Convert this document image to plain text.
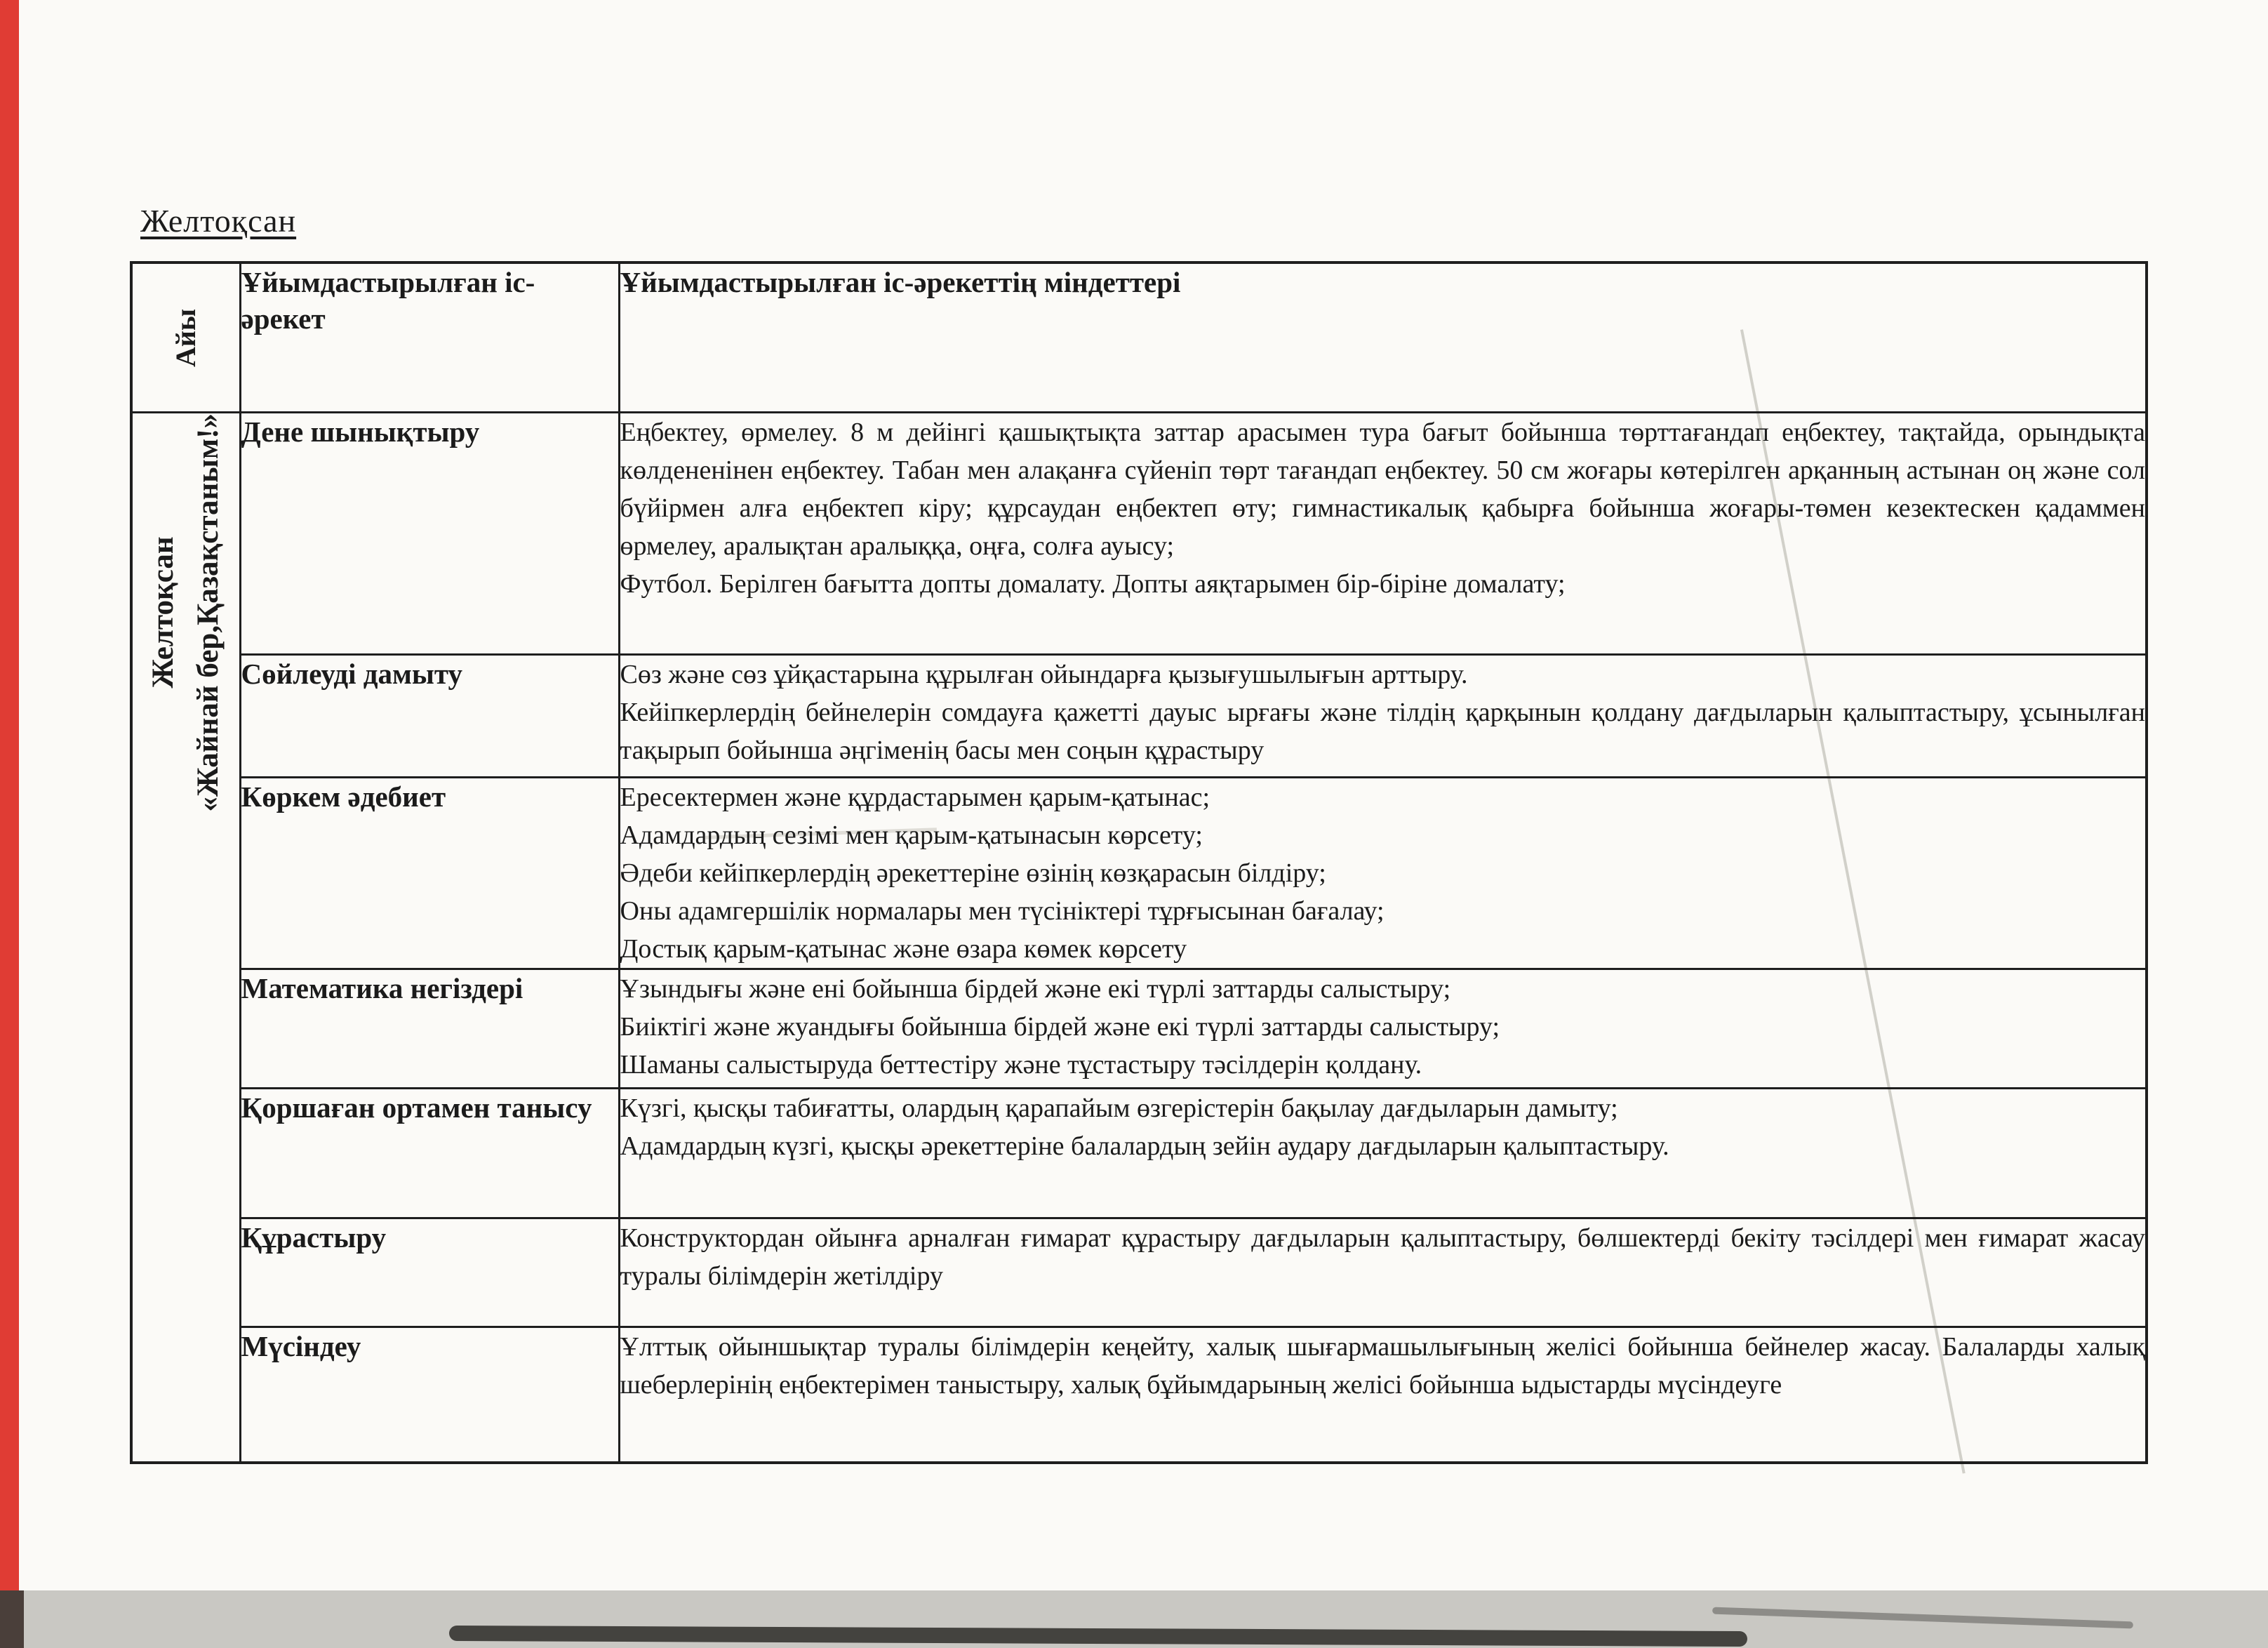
Желтоқсан
Айы	Ұйымдастырылған іс-әрекет	Ұйымдастырылған іс-әрекеттің міндеттері

Желтоқсан «Жайнай бер,Қазақстаным!»	Дене шынықтыру	Еңбектеу, өрмелеу. 8 м дейінгі қашықтықта заттар арасымен тура бағыт бойынша төрттағандап еңбектеу, тақтайда, орындықта көлдененінен еңбектеу. Табан мен алақанға сүйеніп төрт тағандап еңбектеу. 50 см жоғары көтерілген арқанның астынан оң және сол бүйірмен алға еңбектеп кіру; құрсаудан еңбектеп өту; гимнастикалық қабырға бойынша жоғары-төмен кезектескен қадаммен өрмелеу, аралықтан аралыққа, оңға, солға ауысу;
Футбол. Берілген бағытта допты домалату. Допты аяқтарымен бір-біріне домалату;

	Сөйлеуді дамыту	Сөз және сөз ұйқастарына құрылған ойындарға қызығушылығын арттыру.
Кейіпкерлердің бейнелерін сомдауға қажетті дауыс ырғағы және тілдің қарқынын қолдану дағдыларын қалыптастыру, ұсынылған тақырып бойынша әңгіменің басы мен соңын құрастыру

	Көркем әдебиет	Ересектермен және құрдастарымен қарым-қатынас;
Адамдардың сезімі мен қарым-қатынасын көрсету;
Әдеби кейіпкерлердің әрекеттеріне өзінің көзқарасын білдіру;
Оны адамгершілік нормалары мен түсініктері тұрғысынан бағалау;
Достық қарым-қатынас және өзара көмек көрсету

	Математика негіздері	Ұзындығы және ені бойынша бірдей және екі түрлі заттарды салыстыру;
Биіктігі және жуандығы бойынша бірдей және екі түрлі заттарды салыстыру;
Шаманы салыстыруда беттестіру және тұстастыру тәсілдерін қолдану.

	Қоршаған ортамен танысу	Күзгі, қысқы табиғатты, олардың қарапайым өзгерістерін бақылау дағдыларын дамыту;
Адамдардың күзгі, қысқы әрекеттеріне балалардың зейін аудару дағдыларын қалыптастыру.

	Құрастыру	Конструктордан ойынға арналған ғимарат құрастыру дағдыларын қалыптастыру, бөлшектерді бекіту тәсілдері мен ғимарат жасау туралы білімдерін жетілдіру

	Мүсіндеу	Ұлттық ойыншықтар туралы білімдерін кеңейту, халық шығармашылығының желісі бойынша бейнелер жасау. Балаларды халық шеберлерінің еңбектерімен таныстыру, халық бұйымдарының желісі бойынша ыдыстарды мүсіндеуге
